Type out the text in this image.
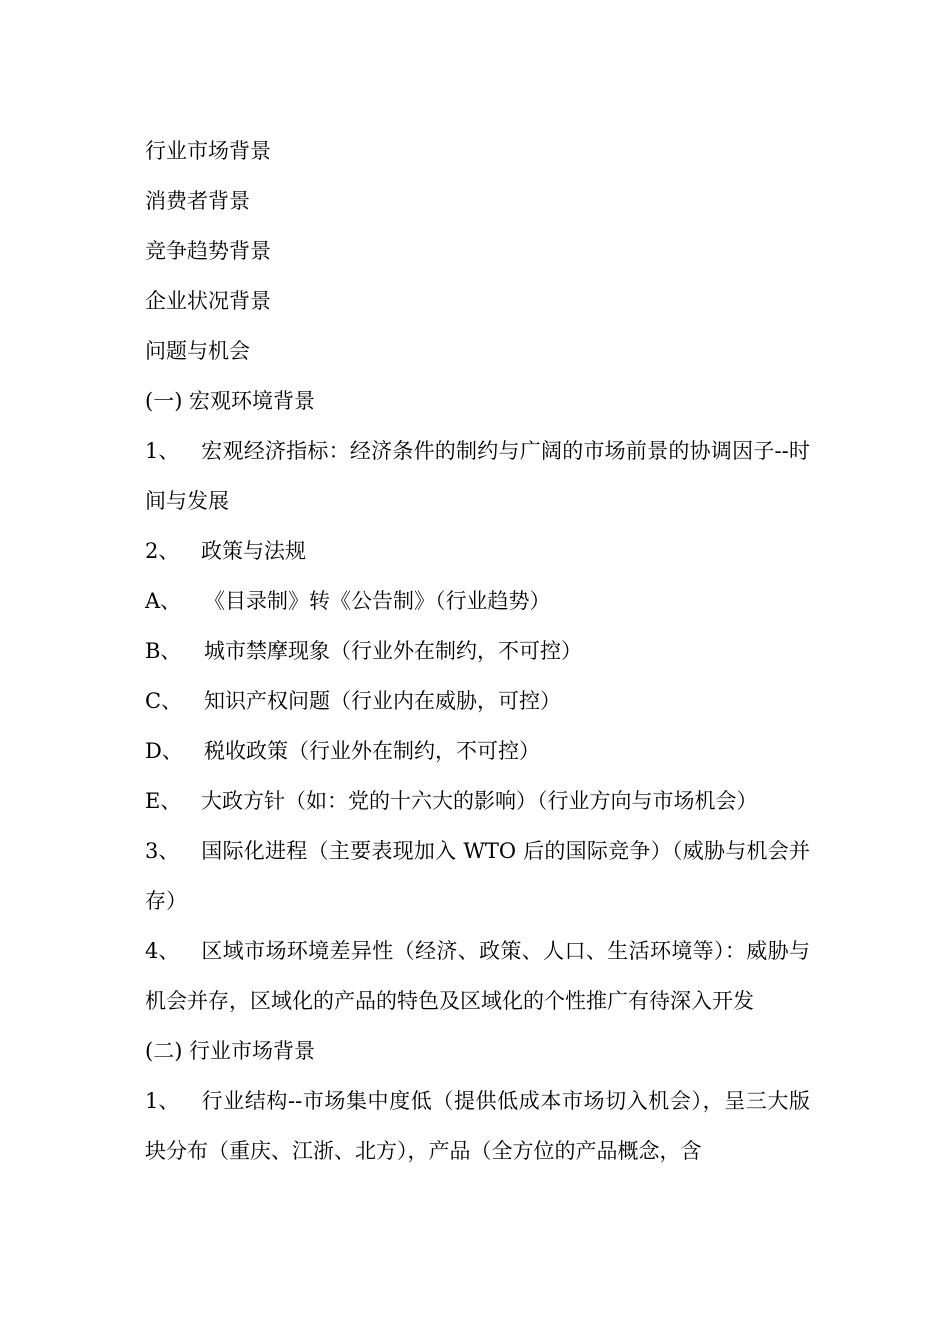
行业市场背景
消费者背景
竞争趋势背景
企业状况背景
问题与机会
(一) 宏观环境背景
1、 宏观经济指标：经济条件的制约与广阔的市场前景的协调因子--时间与发展
2、 政策与法规
A、 《目录制》转《公告制》（行业趋势）
B、 城市禁摩现象（行业外在制约，不可控）
C、 知识产权问题（行业内在威胁，可控）
D、 税收政策（行业外在制约，不可控）
E、 大政方针（如：党的十六大的影响）（行业方向与市场机会）
3、 国际化进程（主要表现加入 WTO 后的国际竞争）（威胁与机会并存）
4、 区域市场环境差异性（经济、政策、人口、生活环境等）：威胁与机会并存，区域化的产品的特色及区域化的个性推广有待深入开发
(二) 行业市场背景
1、 行业结构--市场集中度低（提供低成本市场切入机会），呈三大版块分布（重庆、江浙、北方），产品（全方位的产品概念，含
